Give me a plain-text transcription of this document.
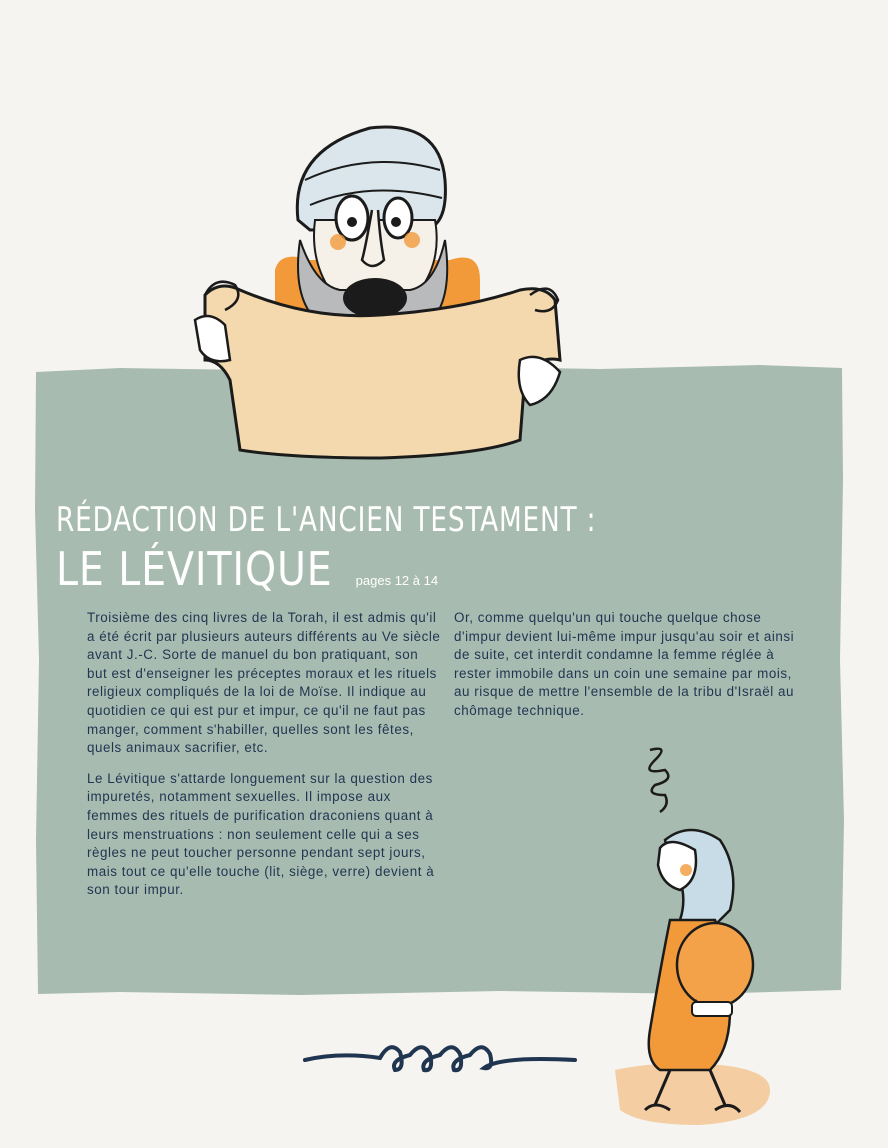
RÉDACTION DE L'ANCIEN TESTAMENT :
LE LÉVITIQUE pages 12 à 14

Troisième des cinq livres de la Torah, il est admis qu'il a été écrit par plusieurs auteurs différents au Ve siècle avant J.-C. Sorte de manuel du bon pratiquant, son but est d'enseigner les préceptes moraux et les rituels religieux compliqués de la loi de Moïse. Il indique au quotidien ce qui est pur et impur, ce qu'il ne faut pas manger, comment s'habiller, quelles sont les fêtes, quels animaux sacrifier, etc.

Le Lévitique s'attarde longuement sur la question des impuretés, notamment sexuelles. Il impose aux femmes des rituels de purification draconiens quant à leurs menstruations : non seulement celle qui a ses règles ne peut toucher personne pendant sept jours, mais tout ce qu'elle touche (lit, siège, verre) devient à son tour impur.

Or, comme quelqu'un qui touche quelque chose d'impur devient lui-même impur jusqu'au soir et ainsi de suite, cet interdit condamne la femme réglée à rester immobile dans un coin une semaine par mois, au risque de mettre l'ensemble de la tribu d'Israël au chômage technique.
